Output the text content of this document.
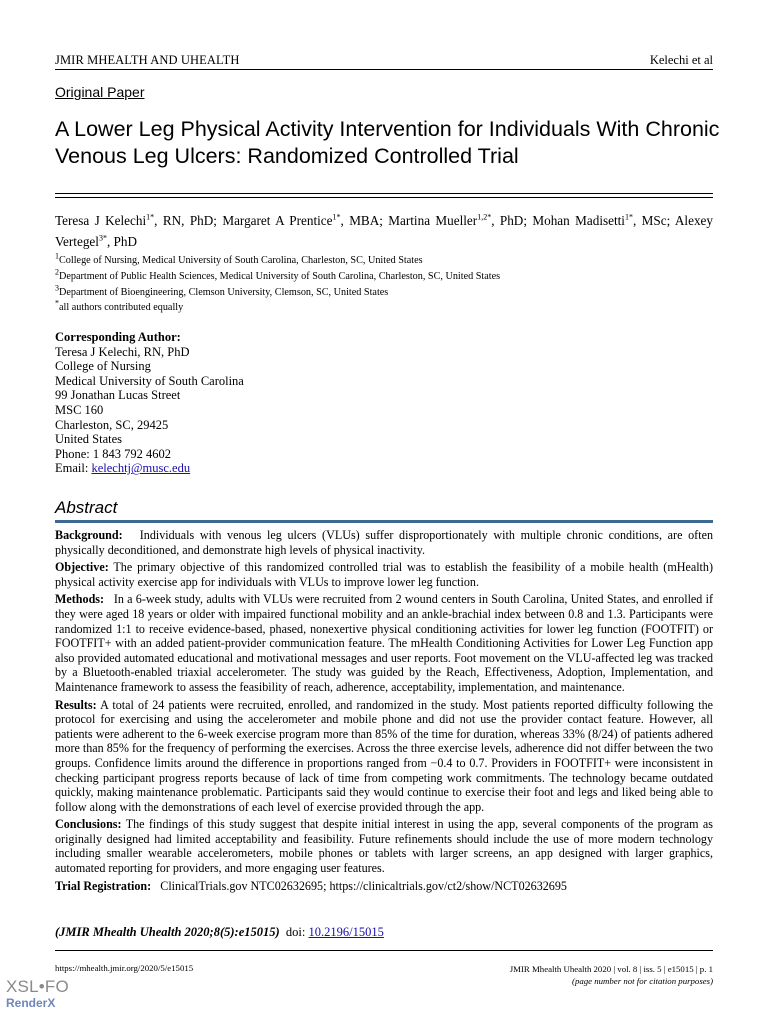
JMIR MHEALTH AND UHEALTH	Kelechi et al
Original Paper
A Lower Leg Physical Activity Intervention for Individuals With Chronic Venous Leg Ulcers: Randomized Controlled Trial
Teresa J Kelechi$^{1*}$, RN, PhD; Margaret A Prentice$^{1*}$, MBA; Martina Mueller$^{1,2*}$, PhD; Mohan Madisetti$^{1*}$, MSc; Alexey Vertegel$^{3*}$, PhD
$^1$College of Nursing, Medical University of South Carolina, Charleston, SC, United States
$^2$Department of Public Health Sciences, Medical University of South Carolina, Charleston, SC, United States
$^3$Department of Bioengineering, Clemson University, Clemson, SC, United States
*all authors contributed equally
Corresponding Author:
Teresa J Kelechi, RN, PhD
College of Nursing
Medical University of South Carolina
99 Jonathan Lucas Street
MSC 160
Charleston, SC, 29425
United States
Phone: 1 843 792 4602
Email: kelechtj@musc.edu
Abstract

Background: Individuals with venous leg ulcers (VLUs) suffer disproportionately with multiple chronic conditions, are often physically deconditioned, and demonstrate high levels of physical inactivity.

Objective: The primary objective of this randomized controlled trial was to establish the feasibility of a mobile health (mHealth) physical activity exercise app for individuals with VLUs to improve lower leg function.

Methods: In a 6-week study, adults with VLUs were recruited from 2 wound centers in South Carolina, United States, and enrolled if they were aged 18 years or older with impaired functional mobility and an ankle-brachial index between 0.8 and 1.3. Participants were randomized 1:1 to receive evidence-based, phased, nonexertive physical conditioning activities for lower leg function (FOOTFIT) or FOOTFIT+ with an added patient-provider communication feature. The mHealth Conditioning Activities for Lower Leg Function app also provided automated educational and motivational messages and user reports. Foot movement on the VLU-affected leg was tracked by a Bluetooth-enabled triaxial accelerometer. The study was guided by the Reach, Effectiveness, Adoption, Implementation, and Maintenance framework to assess the feasibility of reach, adherence, acceptability, implementation, and maintenance.

Results: A total of 24 patients were recruited, enrolled, and randomized in the study. Most patients reported difficulty following the protocol for exercising and using the accelerometer and mobile phone and did not use the provider contact feature. However, all patients were adherent to the 6-week exercise program more than 85% of the time for duration, whereas 33% (8/24) of patients adhered more than 85% for the frequency of performing the exercises. Across the three exercise levels, adherence did not differ between the two groups. Confidence limits around the difference in proportions ranged from −0.4 to 0.7. Providers in FOOTFIT+ were inconsistent in checking participant progress reports because of lack of time from competing work commitments. The technology became outdated quickly, making maintenance problematic. Participants said they would continue to exercise their foot and legs and liked being able to follow along with the demonstrations of each level of exercise provided through the app.

Conclusions: The findings of this study suggest that despite initial interest in using the app, several components of the program as originally designed had limited acceptability and feasibility. Future refinements should include the use of more modern technology including smaller wearable accelerometers, mobile phones or tablets with larger screens, an app designed with larger graphics, automated reporting for providers, and more engaging user features.

Trial Registration: ClinicalTrials.gov NTC02632695; https://clinicaltrials.gov/ct2/show/NCT02632695

(JMIR Mhealth Uhealth 2020;8(5):e15015) doi: 10.2196/15015
https://mhealth.jmir.org/2020/5/e15015	JMIR Mhealth Uhealth 2020 | vol. 8 | iss. 5 | e15015 | p. 1
(page number not for citation purposes)
XSL•FO
RenderX
